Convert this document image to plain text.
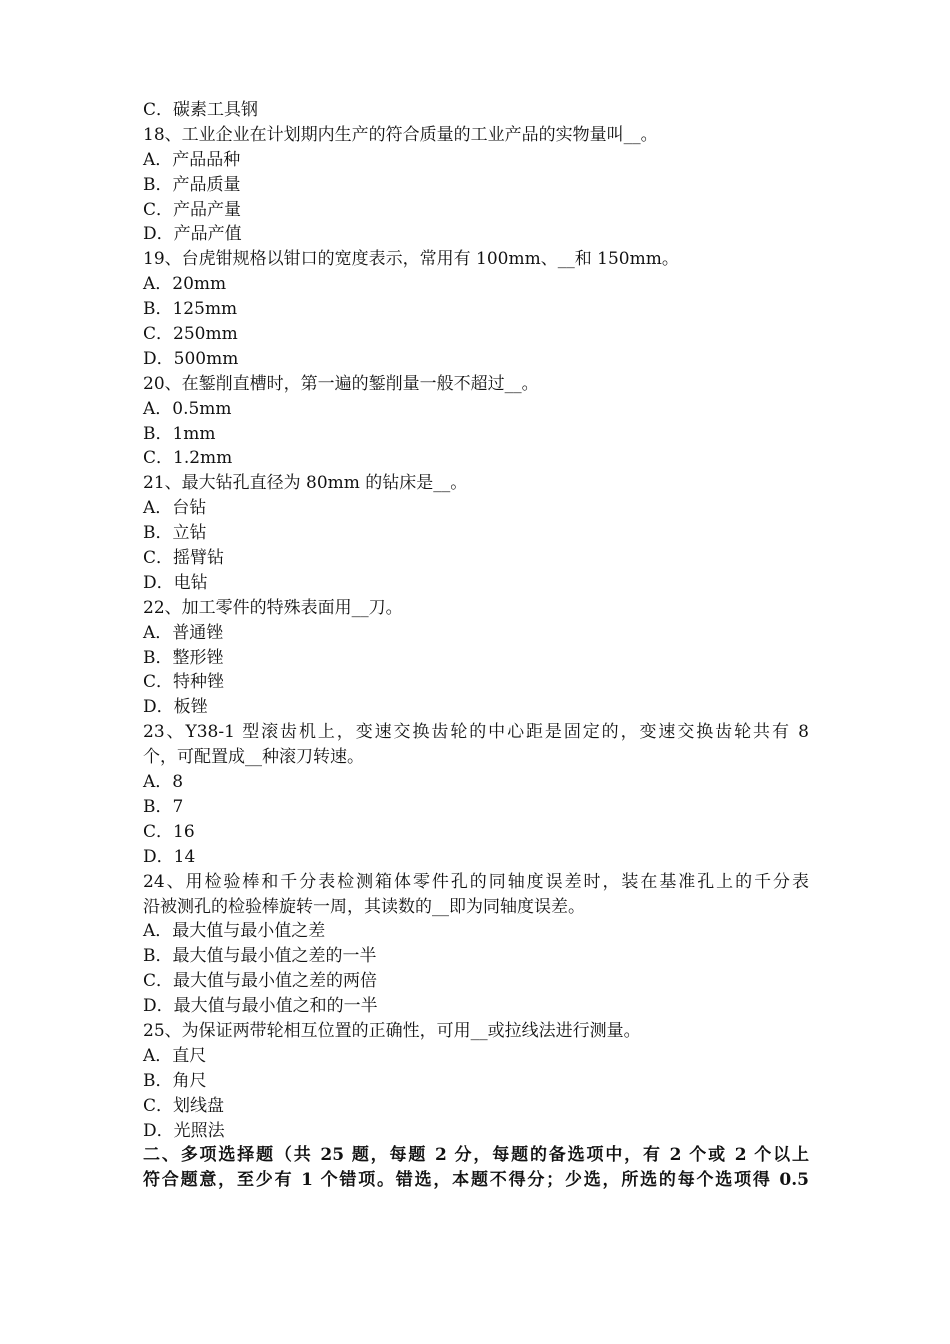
C．碳素工具钢
18、工业企业在计划期内生产的符合质量的工业产品的实物量叫__。
A．产品品种
B．产品质量
C．产品产量
D．产品产值
19、台虎钳规格以钳口的宽度表示，常用有 100mm、__和 150mm。
A．20mm
B．125mm
C．250mm
D．500mm
20、在錾削直槽时，第一遍的錾削量一般不超过__。
A．0.5mm
B．1mm
C．1.2mm
21、最大钻孔直径为 80mm 的钻床是__。
A．台钻
B．立钻
C．摇臂钻
D．电钻
22、加工零件的特殊表面用__刀。
A．普通锉
B．整形锉
C．特种锉
D．板锉
23、Y38-1 型滚齿机上，变速交换齿轮的中心距是固定的，变速交换齿轮共有 8
个，可配置成__种滚刀转速。
A．8
B．7
C．16
D．14
24、用检验棒和千分表检测箱体零件孔的同轴度误差时，装在基准孔上的千分表
沿被测孔的检验棒旋转一周，其读数的__即为同轴度误差。
A．最大值与最小值之差
B．最大值与最小值之差的一半
C．最大值与最小值之差的两倍
D．最大值与最小值之和的一半
25、为保证两带轮相互位置的正确性，可用__或拉线法进行测量。
A．直尺
B．角尺
C．划线盘
D．光照法
二、多项选择题（共 25 题，每题 2 分，每题的备选项中，有 2 个或 2 个以上
符合题意，至少有 1 个错项。错选，本题不得分；少选，所选的每个选项得 0.5
